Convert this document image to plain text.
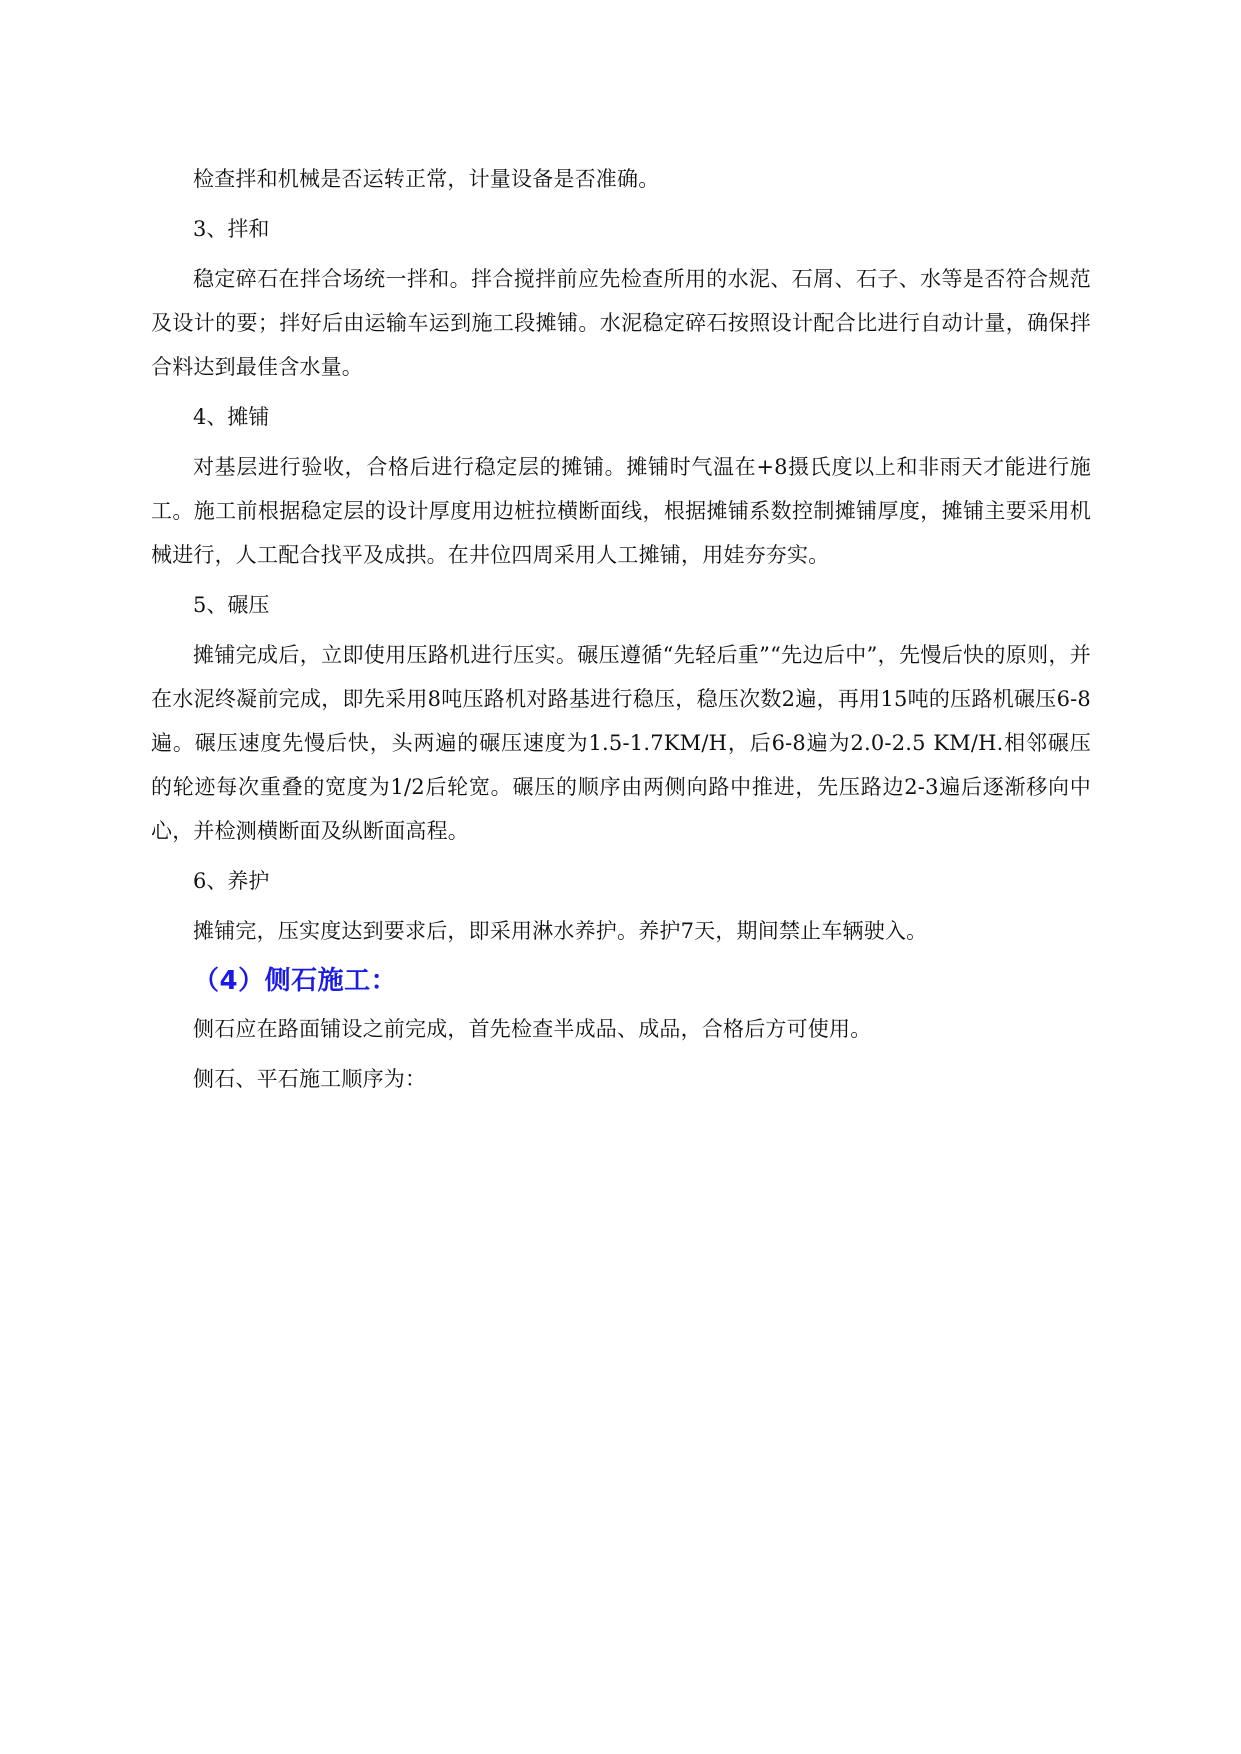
检查拌和机械是否运转正常，计量设备是否准确。

3、拌和

稳定碎石在拌合场统一拌和。拌合搅拌前应先检查所用的水泥、石屑、石子、水等是否符合规范及设计的要；拌好后由运输车运到施工段摊铺。水泥稳定碎石按照设计配合比进行自动计量，确保拌合料达到最佳含水量。

4、摊铺

对基层进行验收，合格后进行稳定层的摊铺。摊铺时气温在+8摄氏度以上和非雨天才能进行施工。施工前根据稳定层的设计厚度用边桩拉横断面线，根据摊铺系数控制摊铺厚度，摊铺主要采用机械进行，人工配合找平及成拱。在井位四周采用人工摊铺，用娃夯夯实。

5、碾压

摊铺完成后，立即使用压路机进行压实。碾压遵循“先轻后重”“先边后中”，先慢后快的原则，并在水泥终凝前完成，即先采用8吨压路机对路基进行稳压，稳压次数2遍，再用15吨的压路机碾压6-8遍。碾压速度先慢后快，头两遍的碾压速度为1.5-1.7KM/H，后6-8遍为2.0-2.5 KM/H.相邻碾压的轮迹每次重叠的宽度为1/2后轮宽。碾压的顺序由两侧向路中推进，先压路边2-3遍后逐渐移向中心，并检测横断面及纵断面高程。

6、养护

摊铺完，压实度达到要求后，即采用淋水养护。养护7天，期间禁止车辆驶入。

（4）侧石施工：

侧石应在路面铺设之前完成，首先检查半成品、成品，合格后方可使用。

侧石、平石施工顺序为：
